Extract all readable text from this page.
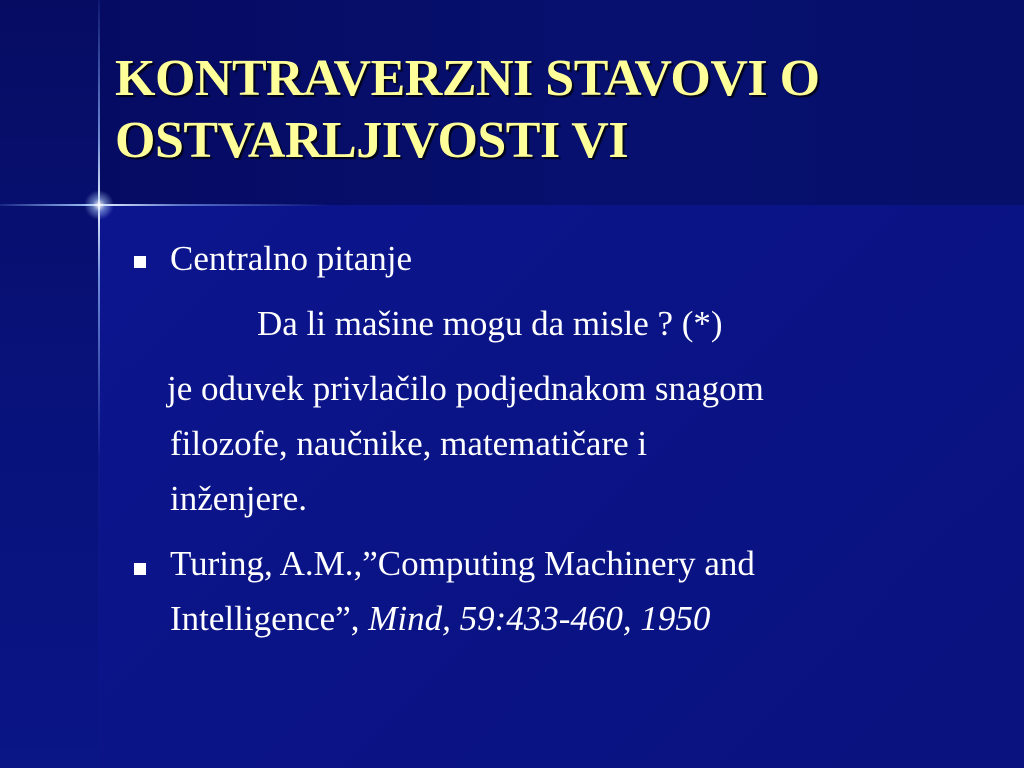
KONTRAVERZNI STAVOVI O
OSTVARLJIVOSTI VI
Centralno pitanje
Da li mašine mogu da misle ? (*)
je oduvek privlačilo podjednakom snagom
filozofe, naučnike, matematičare i
inženjere.
Turing, A.M.,”Computing Machinery and
Intelligence”, Mind, 59:433-460, 1950
